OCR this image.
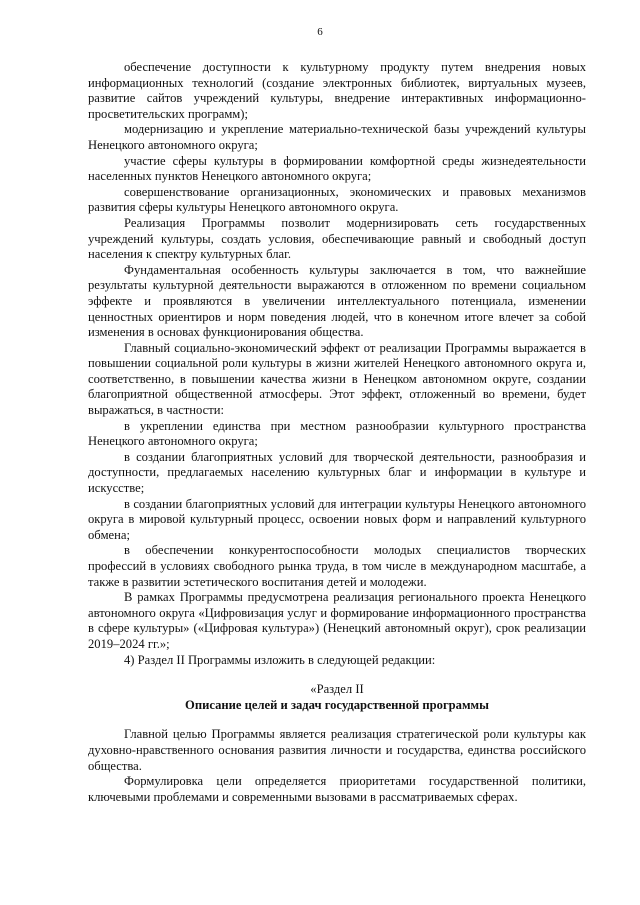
6

обеспечение доступности к культурному продукту путем внедрения новых информационных технологий (создание электронных библиотек, виртуальных музеев, развитие сайтов учреждений культуры, внедрение интерактивных информационно-просветительских программ);

модернизацию и укрепление материально-технической базы учреждений культуры Ненецкого автономного округа;

участие сферы культуры в формировании комфортной среды жизнедеятельности населенных пунктов Ненецкого автономного округа;

совершенствование организационных, экономических и правовых механизмов развития сферы культуры Ненецкого автономного округа.

Реализация Программы позволит модернизировать сеть государственных учреждений культуры, создать условия, обеспечивающие равный и свободный доступ населения к спектру культурных благ.

Фундаментальная особенность культуры заключается в том, что важнейшие результаты культурной деятельности выражаются в отложенном по времени социальном эффекте и проявляются в увеличении интеллектуального потенциала, изменении ценностных ориентиров и норм поведения людей, что в конечном итоге влечет за собой изменения в основах функционирования общества.

Главный социально-экономический эффект от реализации Программы выражается в повышении социальной роли культуры в жизни жителей Ненецкого автономного округа и, соответственно, в повышении качества жизни в Ненецком автономном округе, создании благоприятной общественной атмосферы. Этот эффект, отложенный во времени, будет выражаться, в частности:

в укреплении единства при местном разнообразии культурного пространства Ненецкого автономного округа;

в создании благоприятных условий для творческой деятельности, разнообразия и доступности, предлагаемых населению культурных благ и информации в культуре и искусстве;

в создании благоприятных условий для интеграции культуры Ненецкого автономного округа в мировой культурный процесс, освоении новых форм и направлений культурного обмена;

в обеспечении конкурентоспособности молодых специалистов творческих профессий в условиях свободного рынка труда, в том числе в международном масштабе, а также в развитии эстетического воспитания детей и молодежи.

В рамках Программы предусмотрена реализация регионального проекта Ненецкого автономного округа «Цифровизация услуг и формирование информационного пространства в сфере культуры» («Цифровая культура») (Ненецкий автономный округ), срок реализации 2019–2024 гг.»;

4) Раздел II Программы изложить в следующей редакции:

«Раздел II

Описание целей и задач государственной программы

Главной целью Программы является реализация стратегической роли культуры как духовно-нравственного основания развития личности и государства, единства российского общества.

Формулировка цели определяется приоритетами государственной политики, ключевыми проблемами и современными вызовами в рассматриваемых сферах.
